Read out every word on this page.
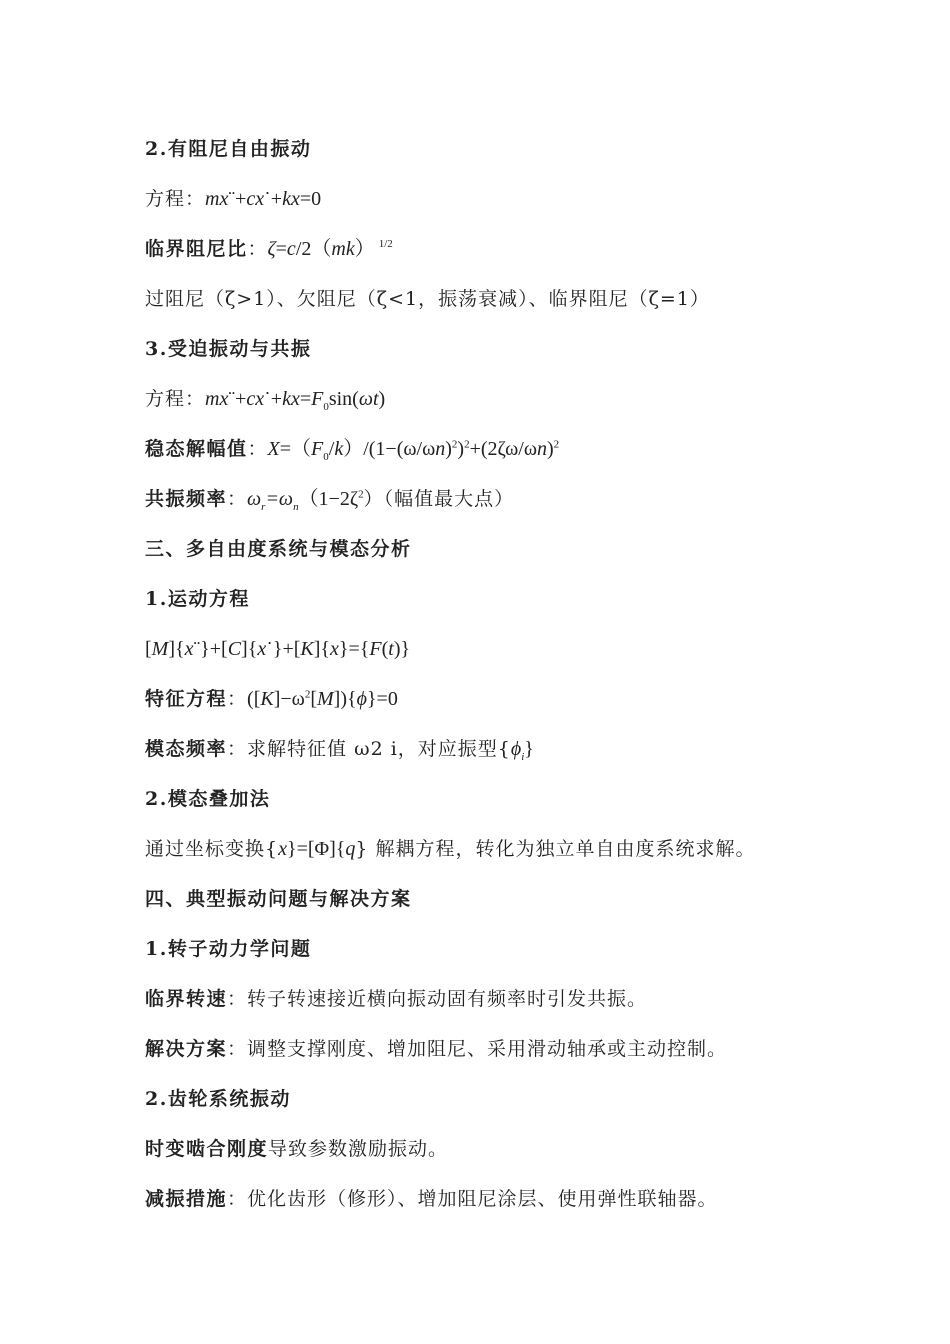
2.有阻尼自由振动
方程：mx¨+cx˙+kx=0
临界阻尼比：ζ=c/2（mk） $^{1/2}$
过阻尼（ζ>1）、欠阻尼（ζ<1，振荡衰减）、临界阻尼（ζ=1）
3.受迫振动与共振
方程：$mx¨+cx˙+kx=F_0\sin(\omega t)$
稳态解幅值：$X=(F_0/k)/(1-(\omega/\omega n)^2)^2+(2\zeta\omega/\omega n)^2$
共振频率：$\omega_r=\omega_n(1-2\zeta^2)$（幅值最大点）
三、多自由度系统与模态分析
1.运动方程
[M]{x¨}+[C]{x˙}+[K]{x}={F(t)}
特征方程：$([K]-\omega^2[M])\{\phi\}=0$
模态频率：求解特征值 ω2 i，对应振型$\{\phi_i\}$
2.模态叠加法
通过坐标变换{x}=[Φ]{q} 解耦方程，转化为独立单自由度系统求解。
四、典型振动问题与解决方案
1.转子动力学问题
临界转速：转子转速接近横向振动固有频率时引发共振。
解决方案：调整支撑刚度、增加阻尼、采用滑动轴承或主动控制。
2.齿轮系统振动
时变啮合刚度导致参数激励振动。
减振措施：优化齿形（修形）、增加阻尼涂层、使用弹性联轴器。
